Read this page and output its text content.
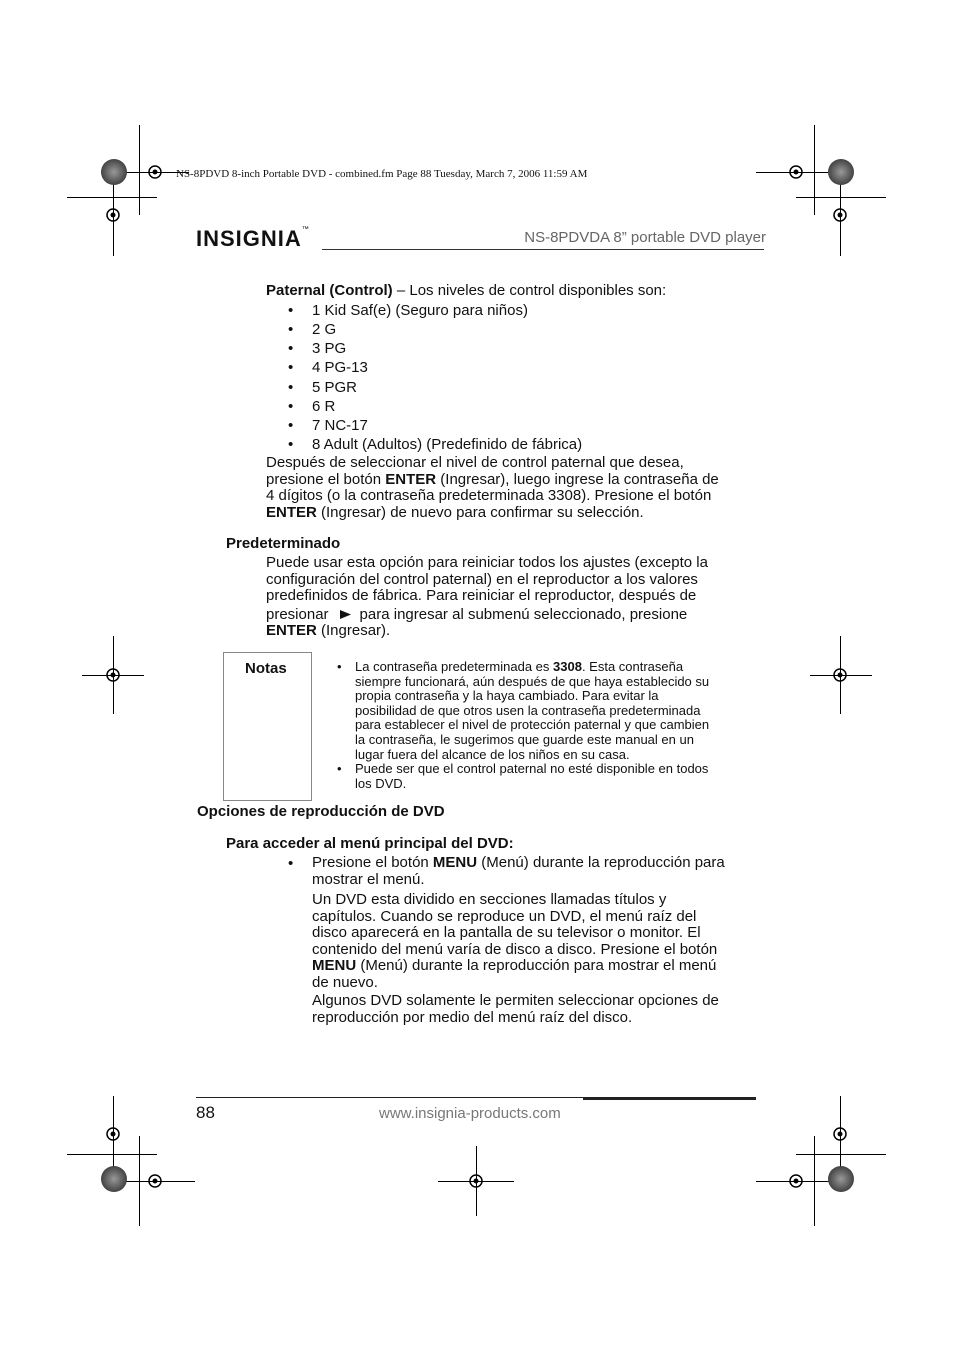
NS-8PDVD 8-inch Portable DVD - combined.fm Page 88 Tuesday, March 7, 2006 11:59 AM
INSIGNIA™	NS-8PDVDA 8” portable DVD player
Paternal (Control) – Los niveles de control disponibles son:
• 1 Kid Saf(e) (Seguro para niños)
• 2 G
• 3 PG
• 4 PG-13
• 5 PGR
• 6 R
• 7 NC-17
• 8 Adult (Adultos) (Predefinido de fábrica)
Después de seleccionar el nivel de control paternal que desea,
presione el botón ENTER (Ingresar), luego ingrese la contraseña de
4 dígitos (o la contraseña predeterminada 3308). Presione el botón
ENTER (Ingresar) de nuevo para confirmar su selección.
Predeterminado
Puede usar esta opción para reiniciar todos los ajustes (excepto la
configuración del control paternal) en el reproductor a los valores
predefinidos de fábrica. Para reiniciar el reproductor, después de
presionar para ingresar al submenú seleccionado, presione
ENTER (Ingresar).
Notas	• La contraseña predeterminada es 3308. Esta contraseña
siempre funcionará, aún después de que haya establecido su
propia contraseña y la haya cambiado. Para evitar la
posibilidad de que otros usen la contraseña predeterminada
para establecer el nivel de protección paternal y que cambien
la contraseña, le sugerimos que guarde este manual en un
lugar fuera del alcance de los niños en su casa.
• Puede ser que el control paternal no esté disponible en todos
los DVD.
Opciones de reproducción de DVD
Para acceder al menú principal del DVD:
• Presione el botón MENU (Menú) durante la reproducción para
mostrar el menú.
Un DVD esta dividido en secciones llamadas títulos y
capítulos. Cuando se reproduce un DVD, el menú raíz del
disco aparecerá en la pantalla de su televisor o monitor. El
contenido del menú varía de disco a disco. Presione el botón
MENU (Menú) durante la reproducción para mostrar el menú
de nuevo.
Algunos DVD solamente le permiten seleccionar opciones de
reproducción por medio del menú raíz del disco.
88	www.insignia-products.com
